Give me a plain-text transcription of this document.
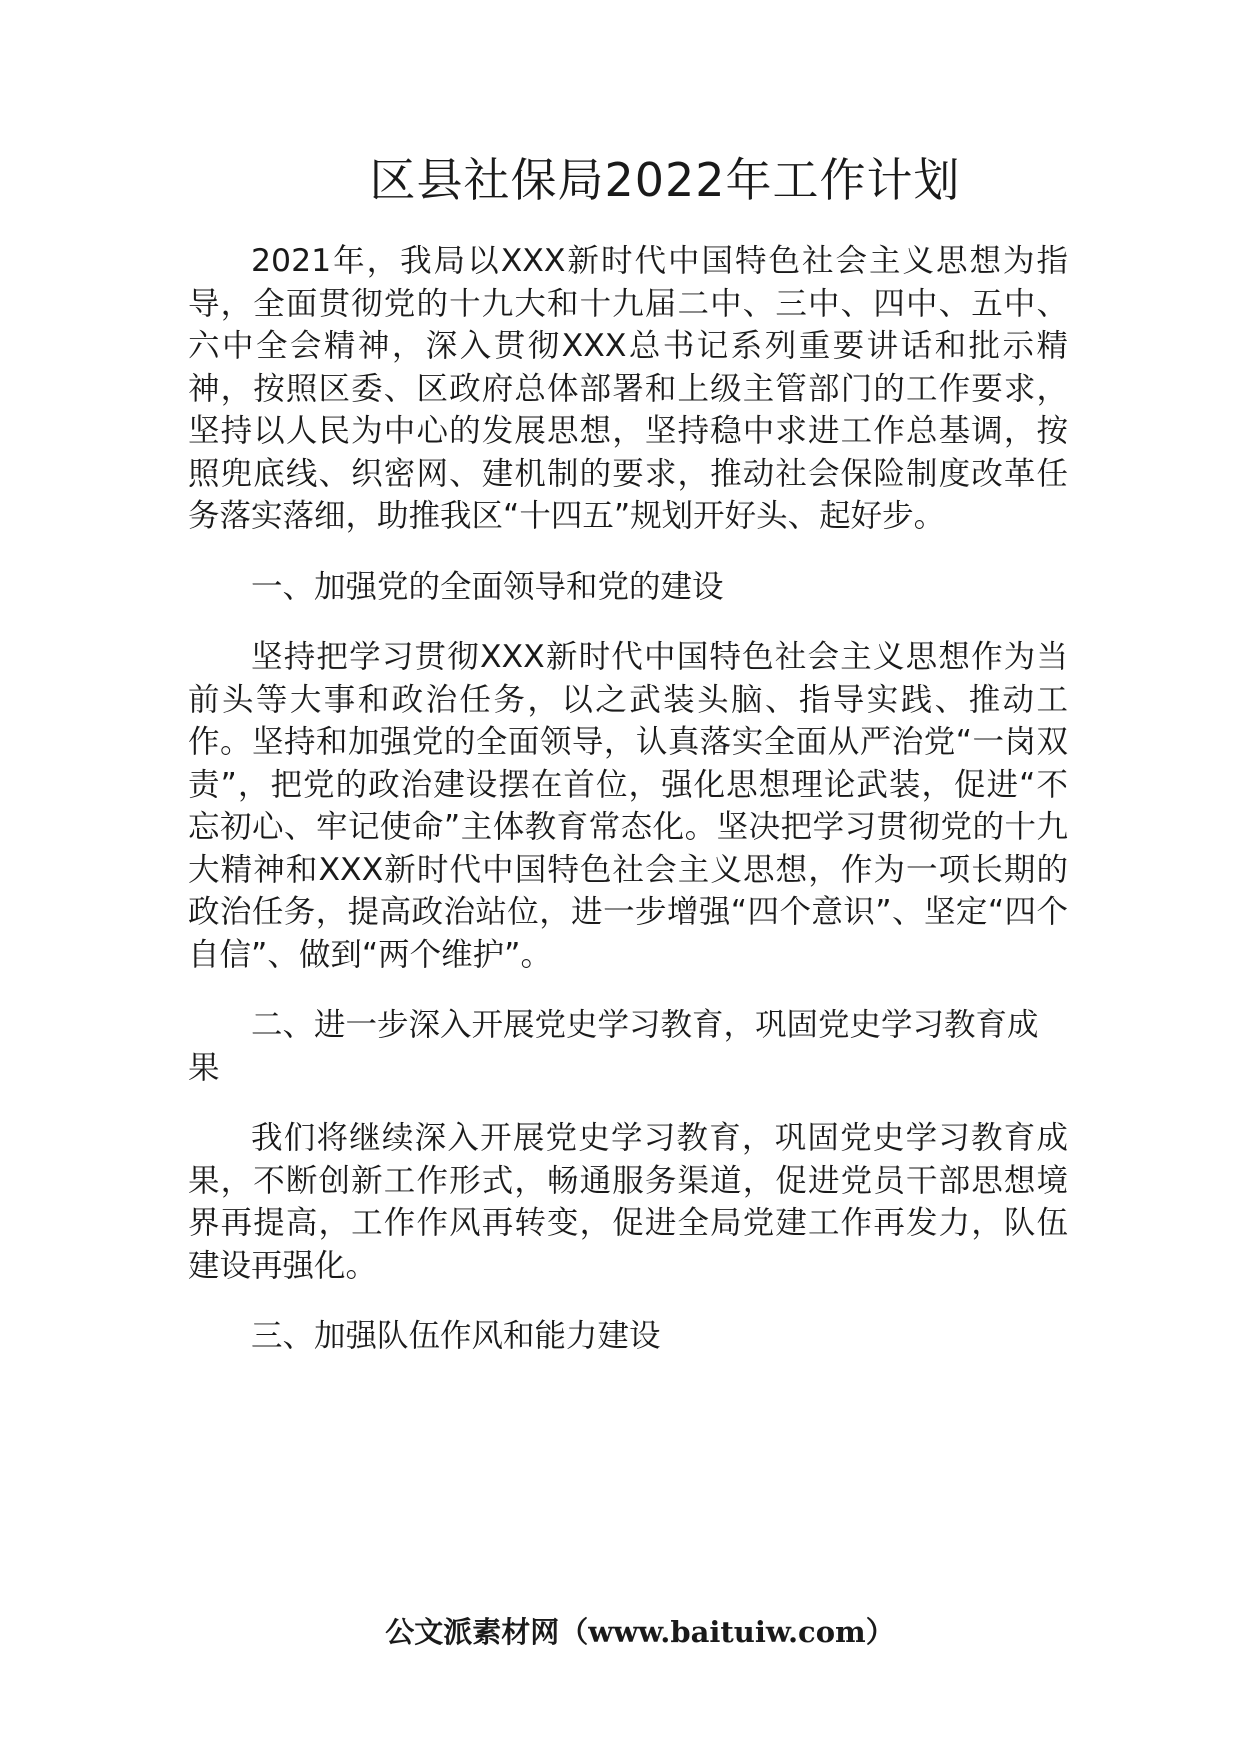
区县社保局2022年工作计划

2021年，我局以XXX新时代中国特色社会主义思想为指导，全面贯彻党的十九大和十九届二中、三中、四中、五中、六中全会精神，深入贯彻XXX总书记系列重要讲话和批示精神，按照区委、区政府总体部署和上级主管部门的工作要求，坚持以人民为中心的发展思想，坚持稳中求进工作总基调，按照兜底线、织密网、建机制的要求，推动社会保险制度改革任务落实落细，助推我区“十四五”规划开好头、起好步。

一、加强党的全面领导和党的建设

坚持把学习贯彻XXX新时代中国特色社会主义思想作为当前头等大事和政治任务，以之武装头脑、指导实践、推动工作。坚持和加强党的全面领导，认真落实全面从严治党“一岗双责”，把党的政治建设摆在首位，强化思想理论武装，促进“不忘初心、牢记使命”主体教育常态化。坚决把学习贯彻党的十九大精神和XXX新时代中国特色社会主义思想，作为一项长期的政治任务，提高政治站位，进一步增强“四个意识”、坚定“四个自信”、做到“两个维护”。

二、进一步深入开展党史学习教育，巩固党史学习教育成果

我们将继续深入开展党史学习教育，巩固党史学习教育成果，不断创新工作形式，畅通服务渠道，促进党员干部思想境界再提高，工作作风再转变，促进全局党建工作再发力，队伍建设再强化。

三、加强队伍作风和能力建设

公文派素材网（www.baituiw.com）
